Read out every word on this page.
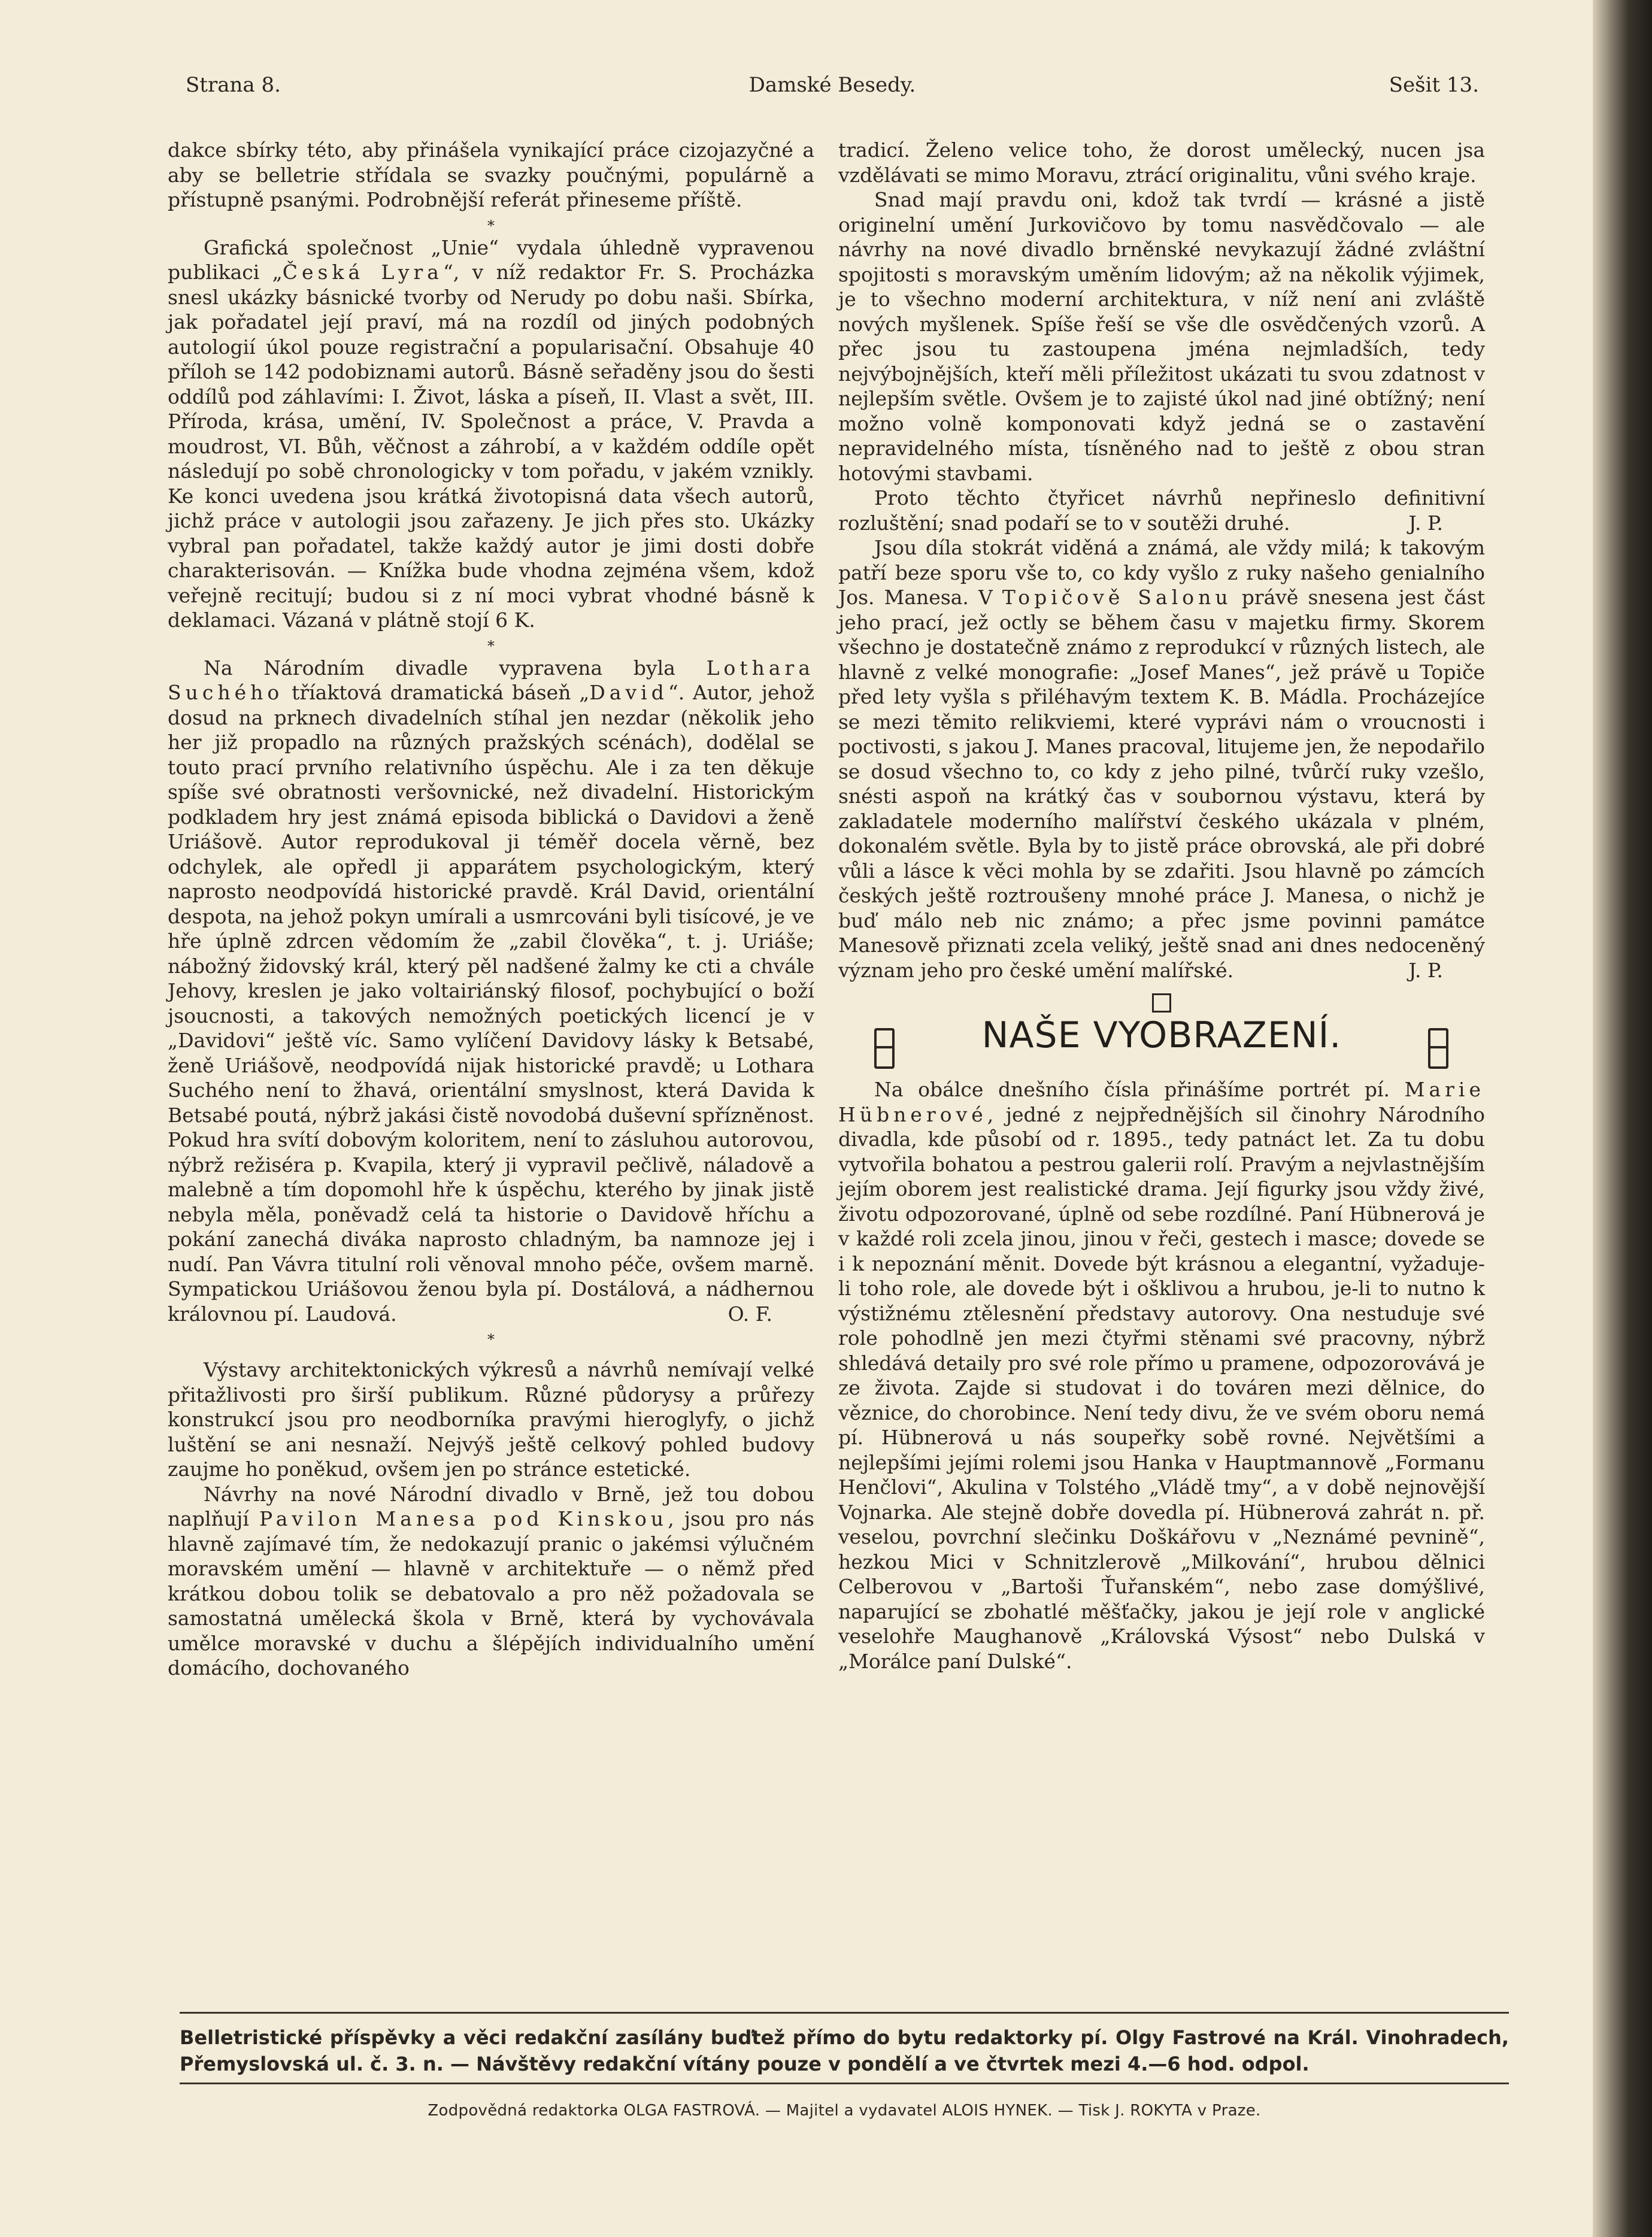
Strana 8.	Damské Besedy.	Sešit 13.

dakce sbírky této, aby přinášela vynikající práce cizojazyčné a aby se belletrie střídala se svazky poučnými, populárně a přístupně psanými. Podrobnější referát přineseme příště.

*

Grafická společnost „Unie“ vydala úhledně vypravenou publikaci „Česká Lyra“, v níž redaktor Fr. S. Procházka snesl ukázky básnické tvorby od Nerudy po dobu naši. Sbírka, jak pořadatel její praví, má na rozdíl od jiných podobných autologií úkol pouze registrační a popularisační. Obsahuje 40 příloh se 142 podobiznami autorů. Básně seřaděny jsou do šesti oddílů pod záhlavími: I. Život, láska a píseň, II. Vlast a svět, III. Příroda, krása, umění, IV. Společnost a práce, V. Pravda a moudrost, VI. Bůh, věčnost a záhrobí, a v každém oddíle opět následují po sobě chronologicky v tom pořadu, v jakém vznikly. Ke konci uvedena jsou krátká životopisná data všech autorů, jichž práce v autologii jsou zařazeny. Je jich přes sto. Ukázky vybral pan pořadatel, takže každý autor je jimi dosti dobře charakterisován. — Knížka bude vhodna zejména všem, kdož veřejně recitují; budou si z ní moci vybrat vhodné básně k deklamaci. Vázaná v plátně stojí 6 K.

*

Na Národním divadle vypravena byla Lothara Suchého tříaktová dramatická báseň „David“. Autor, jehož dosud na prknech divadelních stíhal jen nezdar (několik jeho her již propadlo na různých pražských scénách), dodělal se touto prací prvního relativního úspěchu. Ale i za ten děkuje spíše své obratnosti veršovnické, než divadelní. Historickým podkladem hry jest známá episoda biblická o Davidovi a ženě Uriášově. Autor reprodukoval ji téměř docela věrně, bez odchylek, ale opředl ji apparátem psychologickým, který naprosto neodpovídá historické pravdě. Král David, orientální despota, na jehož pokyn umírali a usmrcováni byli tisícové, je ve hře úplně zdrcen vědomím že „zabil člověka“, t. j. Uriáše; nábožný židovský král, který pěl nadšené žalmy ke cti a chvále Jehovy, kreslen je jako voltairiánský filosof, pochybující o boží jsoucnosti, a takových nemožných poetických licencí je v „Davidovi“ ještě víc. Samo vylíčení Davidovy lásky k Betsabé, ženě Uriášově, neodpovídá nijak historické pravdě; u Lothara Suchého není to žhavá, orientální smyslnost, která Davida k Betsabé poutá, nýbrž jakási čistě novodobá duševní spřízněnost. Pokud hra svítí dobovým koloritem, není to zásluhou autorovou, nýbrž režiséra p. Kvapila, který ji vypravil pečlivě, náladově a malebně a tím dopomohl hře k úspěchu, kterého by jinak jistě nebyla měla, poněvadž celá ta historie o Davidově hříchu a pokání zanechá diváka naprosto chladným, ba namnoze jej i nudí. Pan Vávra titulní roli věnoval mnoho péče, ovšem marně. Sympatickou Uriášovou ženou byla pí. Dostálová, a nádhernou královnou pí. Laudová.	O. F.

*

Výstavy architektonických výkresů a návrhů nemívají velké přitažlivosti pro širší publikum. Různé půdorysy a průřezy konstrukcí jsou pro neodborníka pravými hieroglyfy, o jichž luštění se ani nesnaží. Nejvýš ještě celkový pohled budovy zaujme ho poněkud, ovšem jen po stránce estetické.

Návrhy na nové Národní divadlo v Brně, jež tou dobou naplňují Pavilon Manesa pod Kinskou, jsou pro nás hlavně zajímavé tím, že nedokazují pranic o jakémsi výlučném moravském umění — hlavně v architektuře — o němž před krátkou dobou tolik se debatovalo a pro něž požadovala se samostatná umělecká škola v Brně, která by vychovávala umělce moravské v duchu a šlépějích individualního umění domácího, dochovaného

tradicí. Želeno velice toho, že dorost umělecký, nucen jsa vzdělávati se mimo Moravu, ztrácí originalitu, vůni svého kraje.

Snad mají pravdu oni, kdož tak tvrdí — krásné a jistě originelní umění Jurkovičovo by tomu nasvědčovalo — ale návrhy na nové divadlo brněnské nevykazují žádné zvláštní spojitosti s moravským uměním lidovým; až na několik výjimek, je to všechno moderní architektura, v níž není ani zvláště nových myšlenek. Spíše řeší se vše dle osvědčených vzorů. A přec jsou tu zastoupena jména nejmladších, tedy nejvýbojnějších, kteří měli příležitost ukázati tu svou zdatnost v nejlepším světle. Ovšem je to zajisté úkol nad jiné obtížný; není možno volně komponovati když jedná se o zastavění nepravidelného místa, tísněného nad to ještě z obou stran hotovými stavbami.

Proto těchto čtyřicet návrhů nepřineslo definitivní rozluštění; snad podaří se to v soutěži druhé.	J. P.

Jsou díla stokrát viděná a známá, ale vždy milá; k takovým patří beze sporu vše to, co kdy vyšlo z ruky našeho genialního Jos. Manesa. V Topičově Salonu právě snesena jest část jeho prací, jež octly se během času v majetku firmy. Skorem všechno je dostatečně známo z reprodukcí v různých listech, ale hlavně z velké monografie: „Josef Manes“, jež právě u Topiče před lety vyšla s přiléhavým textem K. B. Mádla. Procházejíce se mezi těmito relikviemi, které vyprávi nám o vroucnosti i poctivosti, s jakou J. Manes pracoval, litujeme jen, že nepodařilo se dosud všechno to, co kdy z jeho pilné, tvůrčí ruky vzešlo, snésti aspoň na krátký čas v soubornou výstavu, která by zakladatele moderního malířství českého ukázala v plném, dokonalém světle. Byla by to jistě práce obrovská, ale při dobré vůli a lásce k věci mohla by se zdařiti. Jsou hlavně po zámcích českých ještě roztroušeny mnohé práce J. Manesa, o nichž je buď málo neb nic známo; a přec jsme povinni památce Manesově přiznati zcela veliký, ještě snad ani dnes nedoceněný význam jeho pro české umění malířské.	J. P.

NAŠE VYOBRAZENÍ.

Na obálce dnešního čísla přinášíme portrét pí. Marie Hübnerové, jedné z nejpřednějších sil činohry Národního divadla, kde působí od r. 1895., tedy patnáct let. Za tu dobu vytvořila bohatou a pestrou galerii rolí. Pravým a nejvlastnějším jejím oborem jest realistické drama. Její figurky jsou vždy živé, životu odpozorované, úplně od sebe rozdílné. Paní Hübnerová je v každé roli zcela jinou, jinou v řeči, gestech i masce; dovede se i k nepoznání měnit. Dovede být krásnou a elegantní, vyžaduje-li toho role, ale dovede být i ošklivou a hrubou, je-li to nutno k výstižnému ztělesnění představy autorovy. Ona nestuduje své role pohodlně jen mezi čtyřmi stěnami své pracovny, nýbrž shledává detaily pro své role přímo u pramene, odpozorovává je ze života. Zajde si studovat i do továren mezi dělnice, do věznice, do chorobince. Není tedy divu, že ve svém oboru nemá pí. Hübnerová u nás soupeřky sobě rovné. Největšími a nejlepšími jejími rolemi jsou Hanka v Hauptmannově „Formanu Henčlovi“, Akulina v Tolstého „Vládě tmy“, a v době nejnovější Vojnarka. Ale stejně dobře dovedla pí. Hübnerová zahrát n. př. veselou, povrchní slečinku Doškářovu v „Neznámé pevnině“, hezkou Mici v Schnitzlerově „Milkování“, hrubou dělnici Celberovou v „Bartoši Ťuřanském“, nebo zase domýšlivé, naparující se zbohatlé měšťačky, jakou je její role v anglické veselohře Maughanově „Královská Výsost“ nebo Dulská v „Morálce paní Dulské“.

Belletristické příspěvky a věci redakční zasílány buďtež přímo do bytu redaktorky pí. Olgy Fastrové na Král. Vinohradech, Přemyslovská ul. č. 3. n. — Návštěvy redakční vítány pouze v pondělí a ve čtvrtek mezi 4.—6 hod. odpol.
Zodpovědná redaktorka OLGA FASTROVÁ. — Majitel a vydavatel ALOIS HYNEK. — Tisk J. ROKYTA v Praze.
